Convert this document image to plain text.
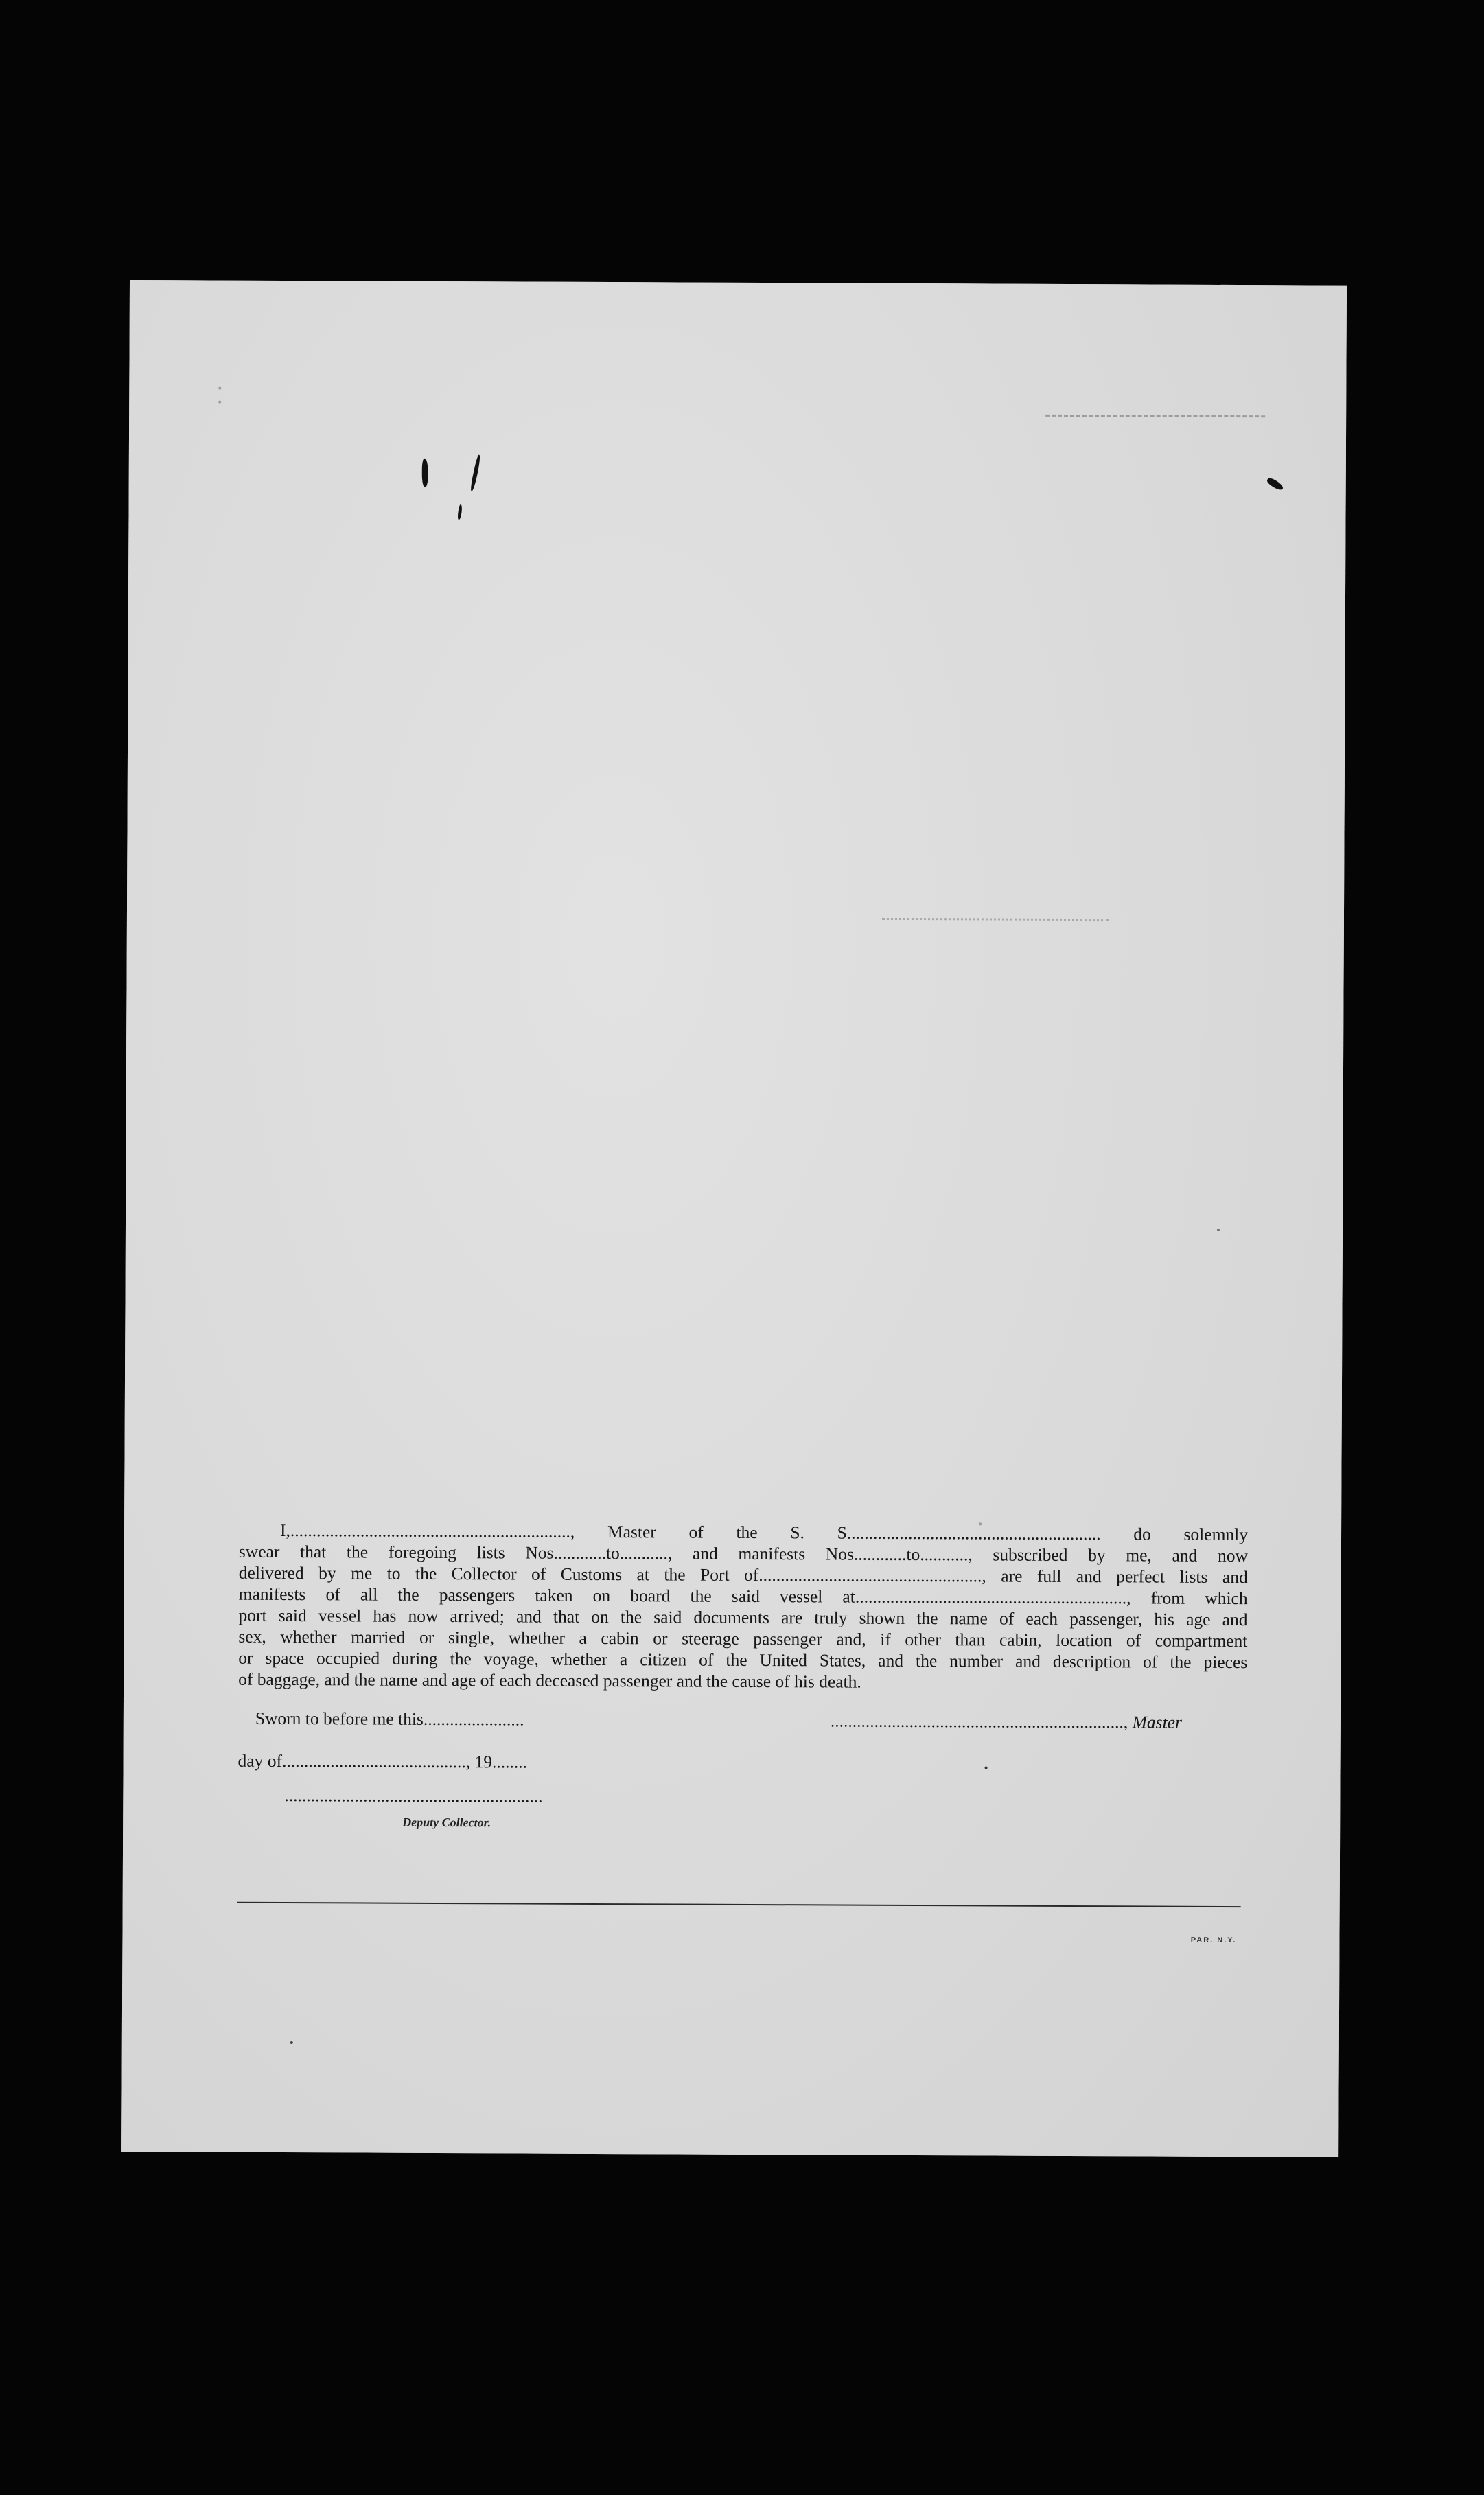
​
I,................................................................, Master of the S. S.......................................................... do solemnly
swear that the foregoing lists Nos............to..........., and manifests Nos............to..........., subscribed by me, and now
delivered by me to the Collector of Customs at the Port of..................................................., are full and perfect lists and
manifests of all the passengers taken on board the said vessel at.............................................................., from which
port said vessel has now arrived; and that on the said documents are truly shown the name of each passenger, his age and
sex, whether married or single, whether a cabin or steerage passenger and, if other than cabin, location of compartment
or space occupied during the voyage, whether a citizen of the United States, and the number and description of the pieces
of baggage, and the name and age of each deceased passenger and the cause of his death.
Sworn to before me this.......................	..................................................................., Master
day of.........................................., 19........
...........................................................
Deputy Collector.
PAR. N.Y.
